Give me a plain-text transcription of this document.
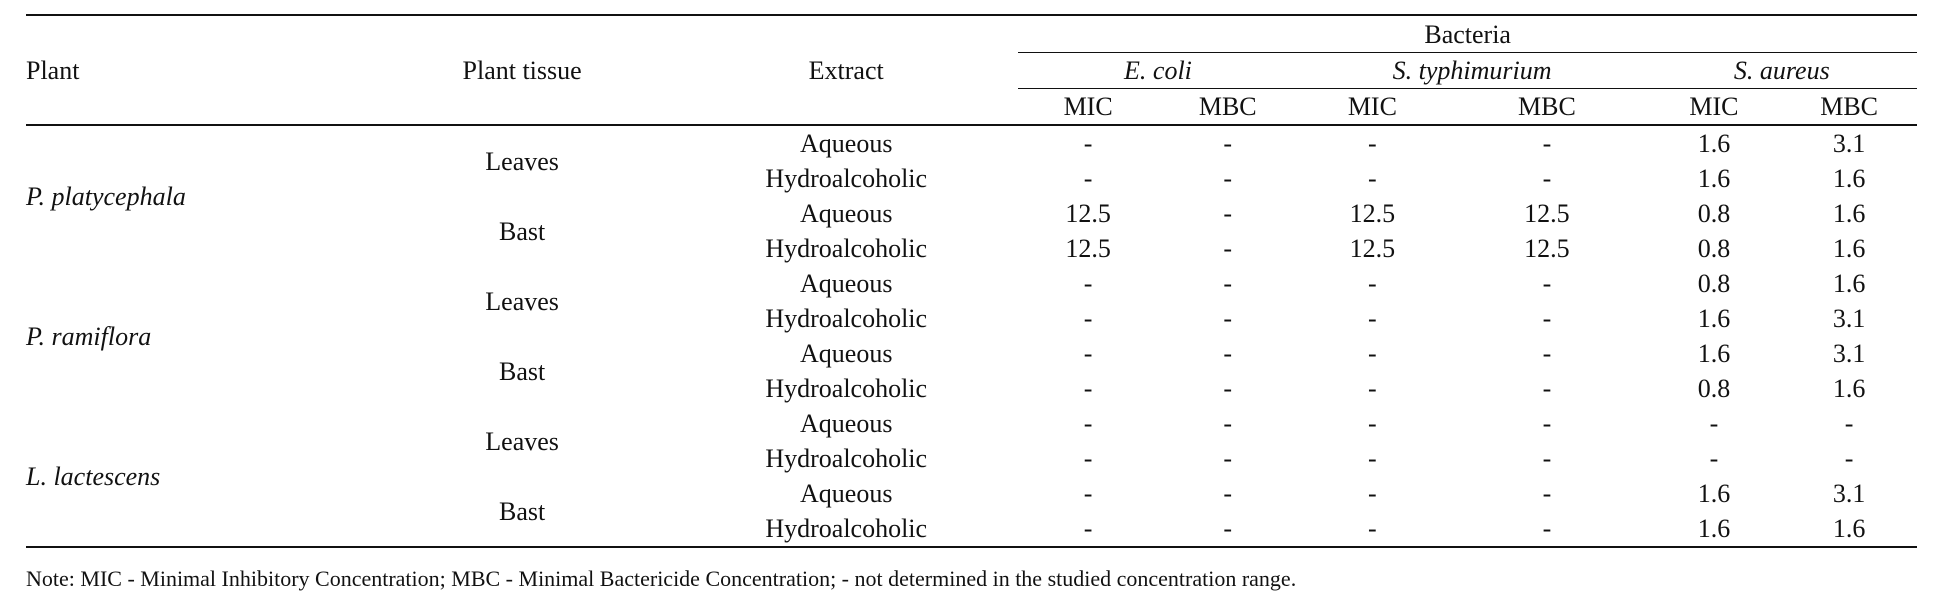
Plant	Plant tissue	Extract	Bacteria					
			E. coli		S. typhimurium		S. aureus	
			MIC	MBC	MIC	MBC	MIC	MBC
P. platycephala	Leaves	Aqueous	-	-	-	-	1.6	3.1
		Hydroalcoholic	-	-	-	-	1.6	1.6
	Bast	Aqueous	12.5	-	12.5	12.5	0.8	1.6
		Hydroalcoholic	12.5	-	12.5	12.5	0.8	1.6
P. ramiflora	Leaves	Aqueous	-	-	-	-	0.8	1.6
		Hydroalcoholic	-	-	-	-	1.6	3.1
	Bast	Aqueous	-	-	-	-	1.6	3.1
		Hydroalcoholic	-	-	-	-	0.8	1.6
L. lactescens	Leaves	Aqueous	-	-	-	-	-	-
		Hydroalcoholic	-	-	-	-	-	-
	Bast	Aqueous	-	-	-	-	1.6	3.1
		Hydroalcoholic	-	-	-	-	1.6	1.6
Note: MIC - Minimal Inhibitory Concentration; MBC - Minimal Bactericide Concentration; - not determined in the studied concentration range.
